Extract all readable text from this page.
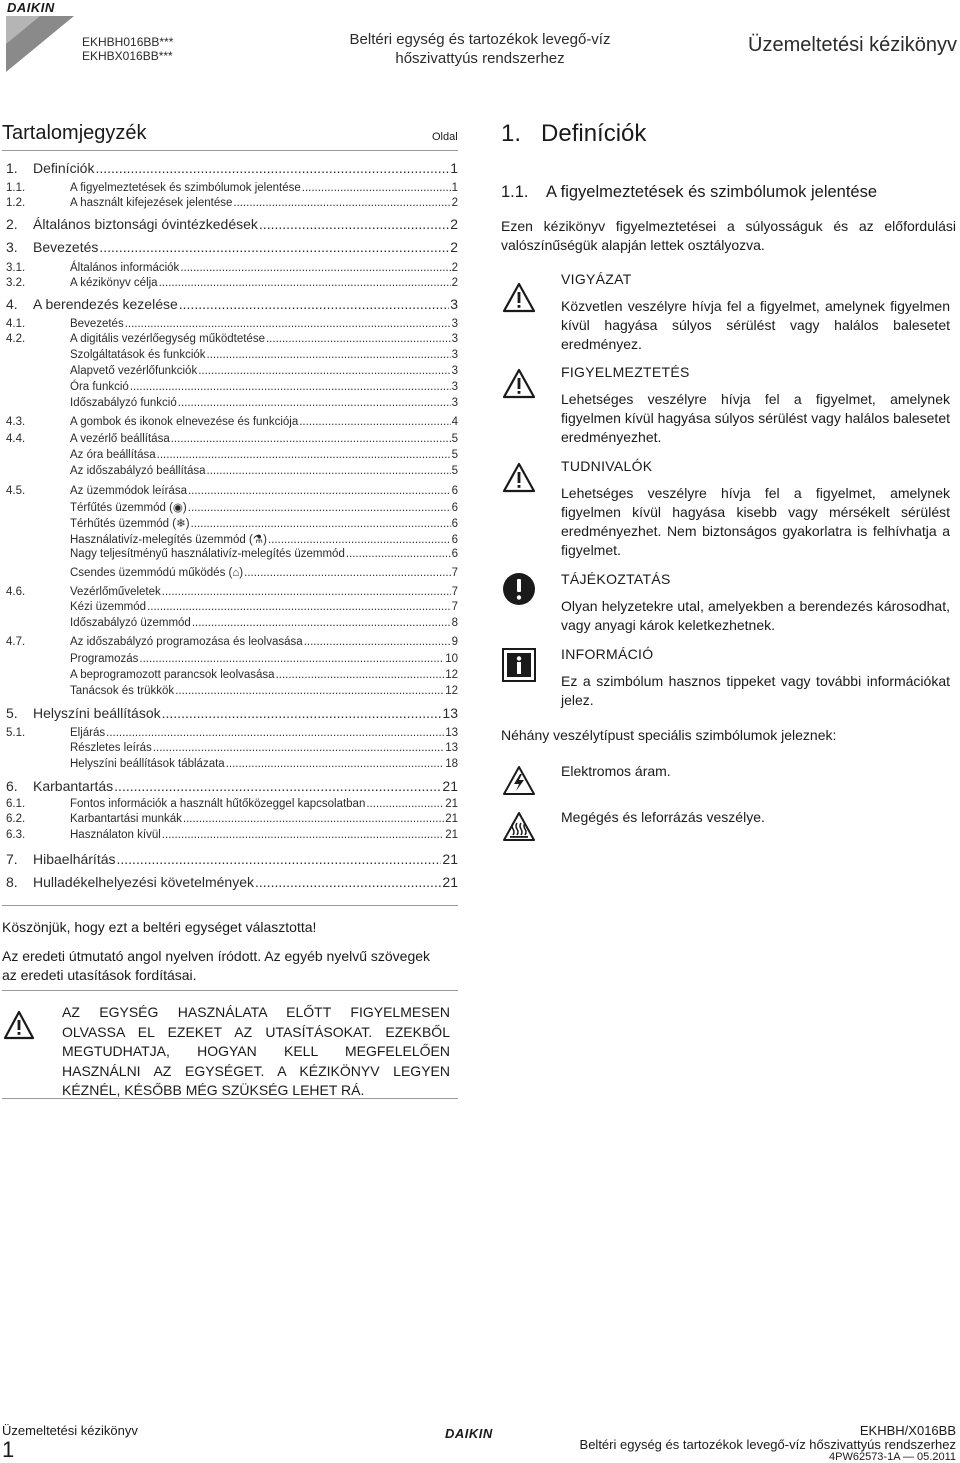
DAIKIN
EKHBH016BB***
EKHBX016BB***
Beltéri egység és tartozékok levegő-víz
hőszivattyús rendszerhez
Üzemeltetési kézikönyv
Tartalomjegyzék	Oldal
1.	Definíciók .....	1
1.1.	A figyelmeztetések és szimbólumok jelentése .....	1
1.2.	A használt kifejezések jelentése .....	2
2.	Általános biztonsági óvintézkedések .....	2
3.	Bevezetés .....	2
3.1.	Általános információk .....	2
3.2.	A kézikönyv célja .....	2
4.	A berendezés kezelése .....	3
4.1.	Bevezetés .....	3
4.2.	A digitális vezérlőegység működtetése .....	3
Szolgáltatások és funkciók .....	3
Alapvető vezérlőfunkciók .....	3
Óra funkció .....	3
Időszabályzó funkció .....	3
4.3.	A gombok és ikonok elnevezése és funkciója .....	4
4.4.	A vezérlő beállítása .....	5
Az óra beállítása .....	5
Az időszabályzó beállítása .....	5
4.5.	Az üzemmódok leírása .....	6
Térfűtés üzemmód (◉) .....	6
Térhűtés üzemmód (❄) .....	6
Használativíz-melegítés üzemmód (⚗) .....	6
Nagy teljesítményű használativíz-melegítés üzemmód .....	6
Csendes üzemmódú működés (⌂) .....	7
4.6.	Vezérlőműveletek .....	7
Kézi üzemmód .....	7
Időszabályzó üzemmód .....	8
4.7.	Az időszabályzó programozása és leolvasása .....	9
Programozás .....	10
A beprogramozott parancsok leolvasása .....	12
Tanácsok és trükkök .....	12
5.	Helyszíni beállítások .....	13
5.1.	Eljárás .....	13
Részletes leírás .....	13
Helyszíni beállítások táblázata .....	18
6.	Karbantartás .....	21
6.1.	Fontos információk a használt hűtőközeggel kapcsolatban .....	21
6.2.	Karbantartási munkák .....	21
6.3.	Használaton kívül .....	21
7.	Hibaelhárítás .....	21
8.	Hulladékelhelyezési követelmények .....	21
Köszönjük, hogy ezt a beltéri egységet választotta!
Az eredeti útmutató angol nyelven íródott. Az egyéb nyelvű szövegek
az eredeti utasítások fordításai.
AZ EGYSÉG HASZNÁLATA ELŐTT FIGYELMESEN OLVASSA EL EZEKET AZ UTASÍTÁSOKAT. EZEKBŐL MEGTUDHATJA, HOGYAN KELL MEGFELELŐEN HASZNÁLNI AZ EGYSÉGET. A KÉZIKÖNYV LEGYEN KÉZNÉL, KÉSŐBB MÉG SZÜKSÉG LEHET RÁ.
1.   Definíciók
1.1.    A figyelmeztetések és szimbólumok jelentése
Ezen kézikönyv figyelmeztetései a súlyosságuk és az előfordulási valószínűségük alapján lettek osztályozva.
VIGYÁZAT
Közvetlen veszélyre hívja fel a figyelmet, amelynek figyelmen kívül hagyása súlyos sérülést vagy halálos balesetet eredményez.
FIGYELMEZTETÉS
Lehetséges veszélyre hívja fel a figyelmet, amelynek figyelmen kívül hagyása súlyos sérülést vagy halálos balesetet eredményezhet.
TUDNIVALÓK
Lehetséges veszélyre hívja fel a figyelmet, amelynek figyelmen kívül hagyása kisebb vagy mérsékelt sérülést eredményezhet. Nem biztonságos gyakorlatra is felhívhatja a figyelmet.
TÁJÉKOZTATÁS
Olyan helyzetekre utal, amelyekben a berendezés károsodhat, vagy anyagi károk keletkezhetnek.
INFORMÁCIÓ
Ez a szimbólum hasznos tippeket vagy további információkat jelez.
Néhány veszélytípust speciális szimbólumok jeleznek:
Elektromos áram.
Megégés és leforrázás veszélye.
Üzemeltetési kézikönyv
1
DAIKIN	EKHBH/X016BB
Beltéri egység és tartozékok levegő-víz hőszivattyús rendszerhez
4PW62573-1A — 05.2011
